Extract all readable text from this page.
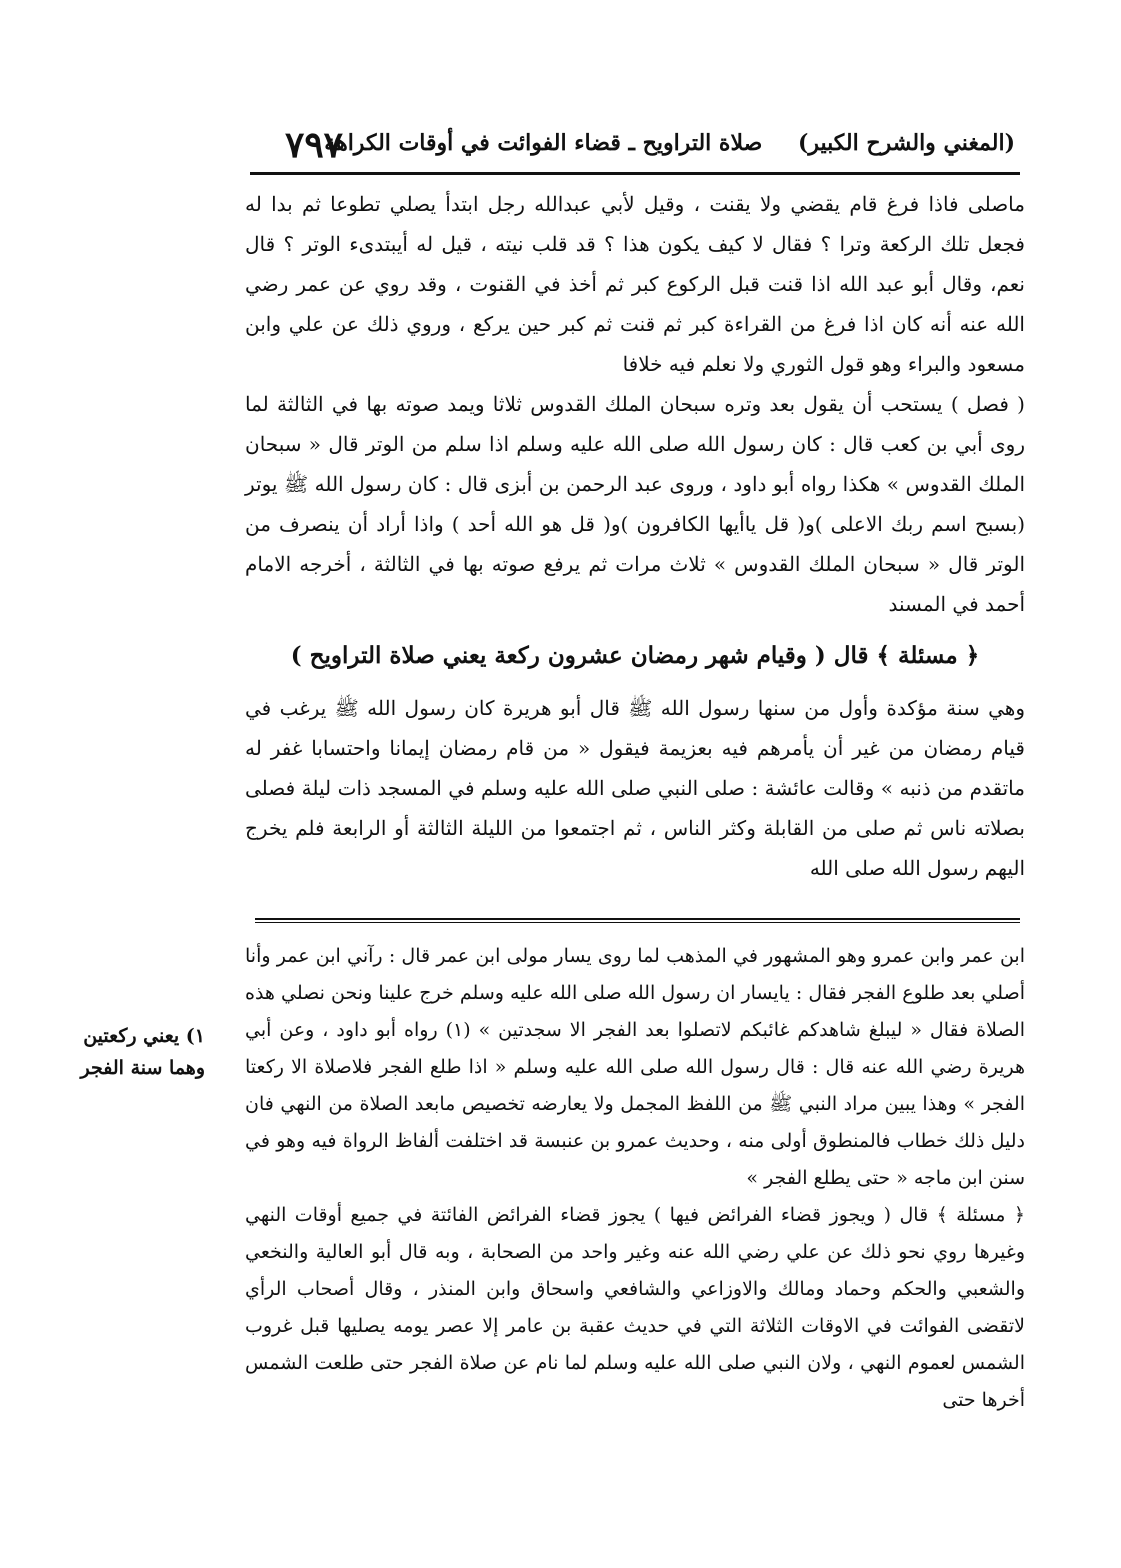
(المغني والشرح الكبير) صلاة التراويح ـ قضاء الفوائت في أوقات الكراهة
٧٩٧

ماصلى فاذا فرغ قام يقضي ولا يقنت ، وقيل لأبي عبدالله رجل ابتدأ يصلي تطوعا ثم بدا له فجعل تلك الركعة وترا ؟ فقال لا كيف يكون هذا ؟ قد قلب نيته ، قيل له أيبتدىء الوتر ؟ قال نعم، وقال أبو عبد الله اذا قنت قبل الركوع كبر ثم أخذ في القنوت ، وقد روي عن عمر رضي الله عنه أنه كان اذا فرغ من القراءة كبر ثم قنت ثم كبر حين يركع ، وروي ذلك عن علي وابن مسعود والبراء وهو قول الثوري ولا نعلم فيه خلافا

( فصل ) يستحب أن يقول بعد وتره سبحان الملك القدوس ثلاثا ويمد صوته بها في الثالثة لما روى أبي بن كعب قال : كان رسول الله صلى الله عليه وسلم اذا سلم من الوتر قال « سبحان الملك القدوس » هكذا رواه أبو داود ، وروى عبد الرحمن بن أبزى قال : كان رسول الله ﷺ يوتر (بسبح اسم ربك الاعلى )و( قل ياأيها الكافرون )و( قل هو الله أحد ) واذا أراد أن ينصرف من الوتر قال « سبحان الملك القدوس » ثلاث مرات ثم يرفع صوته بها في الثالثة ، أخرجه الامام أحمد في المسند

﴿ مسئلة ﴾ قال ( وقيام شهر رمضان عشرون ركعة يعني صلاة التراويح )

وهي سنة مؤكدة وأول من سنها رسول الله ﷺ قال أبو هريرة كان رسول الله ﷺ يرغب في قيام رمضان من غير أن يأمرهم فيه بعزيمة فيقول « من قام رمضان إيمانا واحتسابا غفر له ماتقدم من ذنبه » وقالت عائشة : صلى النبي صلى الله عليه وسلم في المسجد ذات ليلة فصلى بصلاته ناس ثم صلى من القابلة وكثر الناس ، ثم اجتمعوا من الليلة الثالثة أو الرابعة فلم يخرج اليهم رسول الله صلى الله

ابن عمر وابن عمرو وهو المشهور في المذهب لما روى يسار مولى ابن عمر قال : رآني ابن عمر وأنا أصلي بعد طلوع الفجر فقال : يايسار ان رسول الله صلى الله عليه وسلم خرج علينا ونحن نصلي هذه الصلاة فقال « ليبلغ شاهدكم غائبكم لاتصلوا بعد الفجر الا سجدتين » (١) رواه أبو داود ، وعن أبي هريرة رضي الله عنه قال : قال رسول الله صلى الله عليه وسلم « اذا طلع الفجر فلاصلاة الا ركعتا الفجر » وهذا يبين مراد النبي ﷺ من اللفظ المجمل ولا يعارضه تخصيص مابعد الصلاة من النهي فان دليل ذلك خطاب فالمنطوق أولى منه ، وحديث عمرو بن عنبسة قد اختلفت ألفاظ الرواة فيه وهو في سنن ابن ماجه « حتى يطلع الفجر »

﴿ مسئلة ﴾ قال ( ويجوز قضاء الفرائض فيها ) يجوز قضاء الفرائض الفائتة في جميع أوقات النهي وغيرها روي نحو ذلك عن علي رضي الله عنه وغير واحد من الصحابة ، وبه قال أبو العالية والنخعي والشعبي والحكم وحماد ومالك والاوزاعي والشافعي واسحاق وابن المنذر ، وقال أصحاب الرأي لاتقضى الفوائت في الاوقات الثلاثة التي في حديث عقبة بن عامر إلا عصر يومه يصليها قبل غروب الشمس لعموم النهي ، ولان النبي صلى الله عليه وسلم لما نام عن صلاة الفجر حتى طلعت الشمس أخرها حتى

١) يعني ركعتين
وهما سنة الفجر
